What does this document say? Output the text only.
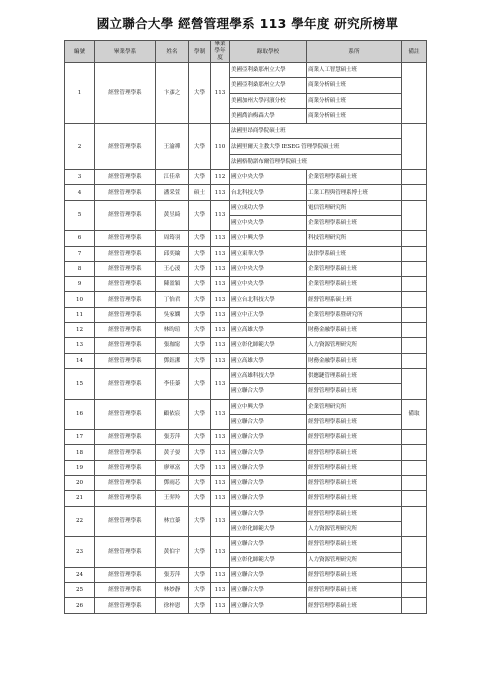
國立聯合大學 經營管理學系 113 學年度 研究所榜單
編號	畢業學系	姓名	學制	畢業學年度	錄取學校	系所	備註
1	經營管理學系	卞彥之	大學	113	美國亞利桑那州立大學	商業人工智慧碩士班	
					美國亞利桑那州立大學	商業分析碩士班	
					美國加州大學河濱分校	商業分析碩士班	
					美國喬治梅森大學	商業分析碩士班	
2	經營管理學系	王渝禪	大學	110	法國里昂商學院碩士班		
					法國里爾天主教大學 IESEG 管理學院碩士班		
					法國格勒諾布爾管理學院碩士班		
3	經營管理學系	江佳韋	大學	112	國立中央大學	企業管理學系碩士班	
4	經營管理學系	潘采萱	碩士	113	台北科技大學	工業工程與管理系博士班	
5	經營管理學系	黃昱綺	大學	113	國立成功大學	電信管理研究所	
					國立中央大學	企業管理學系碩士班	
6	經營管理學系	周筠羽	大學	113	國立中興大學	科技管理研究所	
7	經營管理學系	邱奕綸	大學	113	國立東華大學	法律學系碩士班	
8	經營管理學系	王心湲	大學	113	國立中央大學	企業管理學系碩士班	
9	經營管理學系	陳盈穎	大學	113	國立中央大學	企業管理學系碩士班	
10	經營管理學系	丁怡君	大學	113	國立台北科技大學	經營管理系碩士班	
11	經營管理學系	吳家嫻	大學	113	國立中正大學	企業管理學系暨研究所	
12	經營管理學系	林昀瑄	大學	113	國立高雄大學	財務金融學系碩士班	
13	經營管理學系	張珈甯	大學	113	國立彰化師範大學	人力資源管理研究所	
14	經營管理學系	鄧鈺潔	大學	113	國立高雄大學	財務金融學系碩士班	
15	經營管理學系	李佳蓁	大學	113	國立高雄科技大學	供應鏈管理系碩士班	
					國立聯合大學	經營管理學系碩士班	
16	經營管理學系	顧依宸	大學	113	國立中興大學	企業管理研究所	備取
					國立聯合大學	經營管理學系碩士班	
17	經營管理學系	張芳萍	大學	113	國立聯合大學	經營管理學系碩士班	
18	經營管理學系	黃子晏	大學	113	國立聯合大學	經營管理學系碩士班	
19	經營管理學系	廖軍富	大學	113	國立聯合大學	經營管理學系碩士班	
20	經營管理學系	鄧雨芯	大學	113	國立聯合大學	經營管理學系碩士班	
21	經營管理學系	王羿羚	大學	113	國立聯合大學	經營管理學系碩士班	
22	經營管理學系	林宜蓁	大學	113	國立聯合大學	經營管理學系碩士班	
					國立彰化師範大學	人力資源管理研究所	
23	經營管理學系	黃伯宇	大學	113	國立聯合大學	經營管理學系碩士班	
					國立彰化師範大學	人力資源管理研究所	
24	經營管理學系	張芳萍	大學	113	國立聯合大學	經營管理學系碩士班	
25	經營管理學系	林妙靜	大學	113	國立聯合大學	經營管理學系碩士班	
26	經營管理學系	徐梓恩	大學	113	國立聯合大學	經營管理學系碩士班	
